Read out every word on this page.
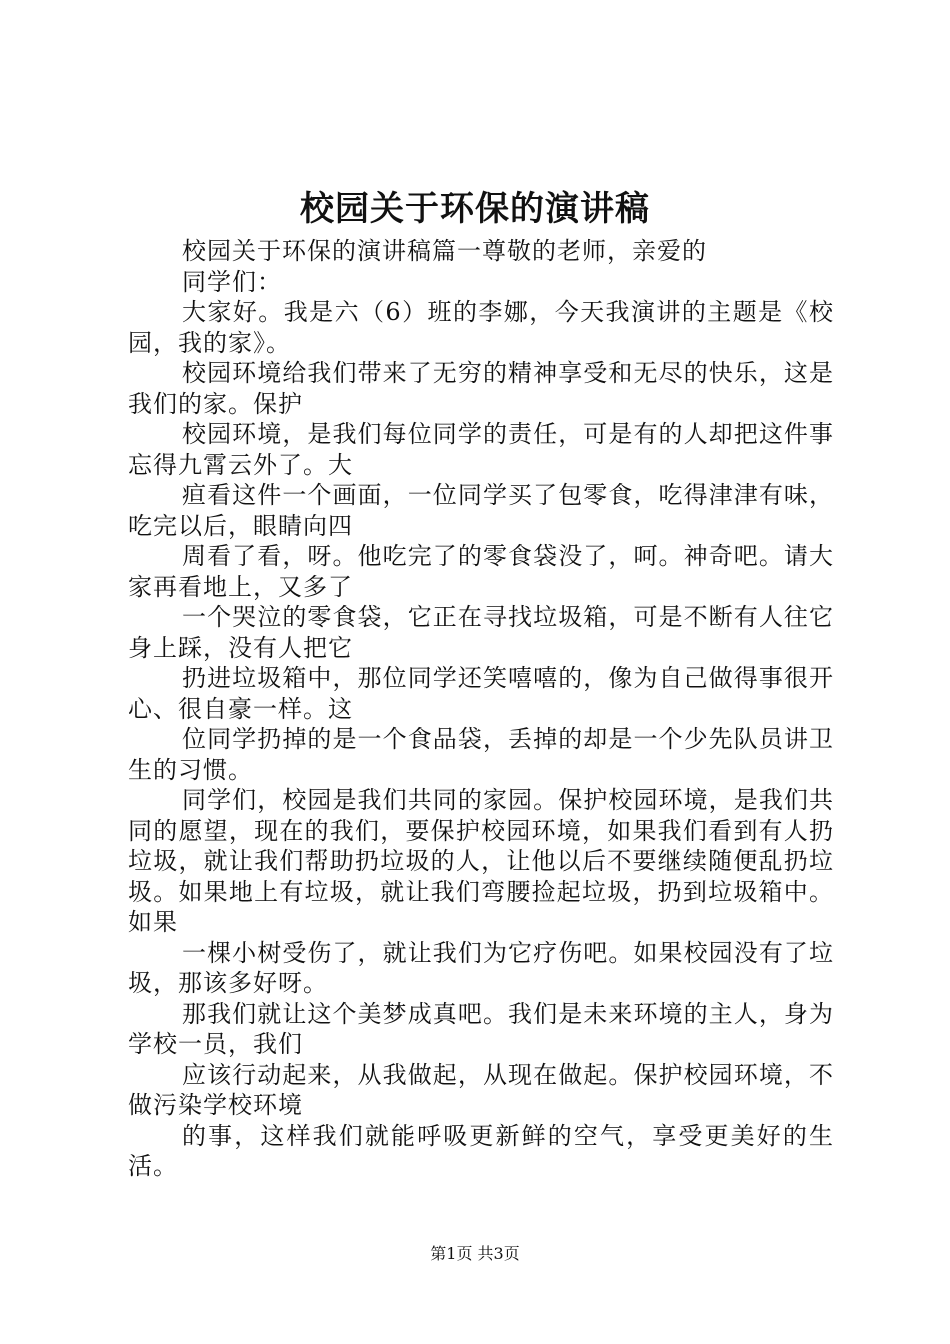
校园关于环保的演讲稿

校园关于环保的演讲稿篇一尊敬的老师，亲爱的

同学们：

大家好。我是六（6）班的李娜，今天我演讲的主题是《校园，我的家》。

校园环境给我们带来了无穷的精神享受和无尽的快乐，这是我们的家。保护

校园环境，是我们每位同学的责任，可是有的人却把这件事忘得九霄云外了。大

疸看这件一个画面，一位同学买了包零食，吃得津津有味，吃完以后，眼睛向四

周看了看，呀。他吃完了的零食袋没了，呵。神奇吧。请大家再看地上，又多了

一个哭泣的零食袋，它正在寻找垃圾箱，可是不断有人往它身上踩，没有人把它

扔进垃圾箱中，那位同学还笑嘻嘻的，像为自己做得事很开心、很自豪一样。这

位同学扔掉的是一个食品袋，丢掉的却是一个少先队员讲卫生的习惯。

同学们，校园是我们共同的家园。保护校园环境，是我们共同的愿望，现在的我们，要保护校园环境，如果我们看到有人扔垃圾，就让我们帮助扔垃圾的人，让他以后不要继续随便乱扔垃圾。如果地上有垃圾，就让我们弯腰捡起垃圾，扔到垃圾箱中。如果

一棵小树受伤了，就让我们为它疗伤吧。如果校园没有了垃圾，那该多好呀。

那我们就让这个美梦成真吧。我们是未来环境的主人，身为学校一员，我们

应该行动起来，从我做起，从现在做起。保护校园环境，不做污染学校环境

的事，这样我们就能呼吸更新鲜的空气，享受更美好的生活。

第1页 共3页
